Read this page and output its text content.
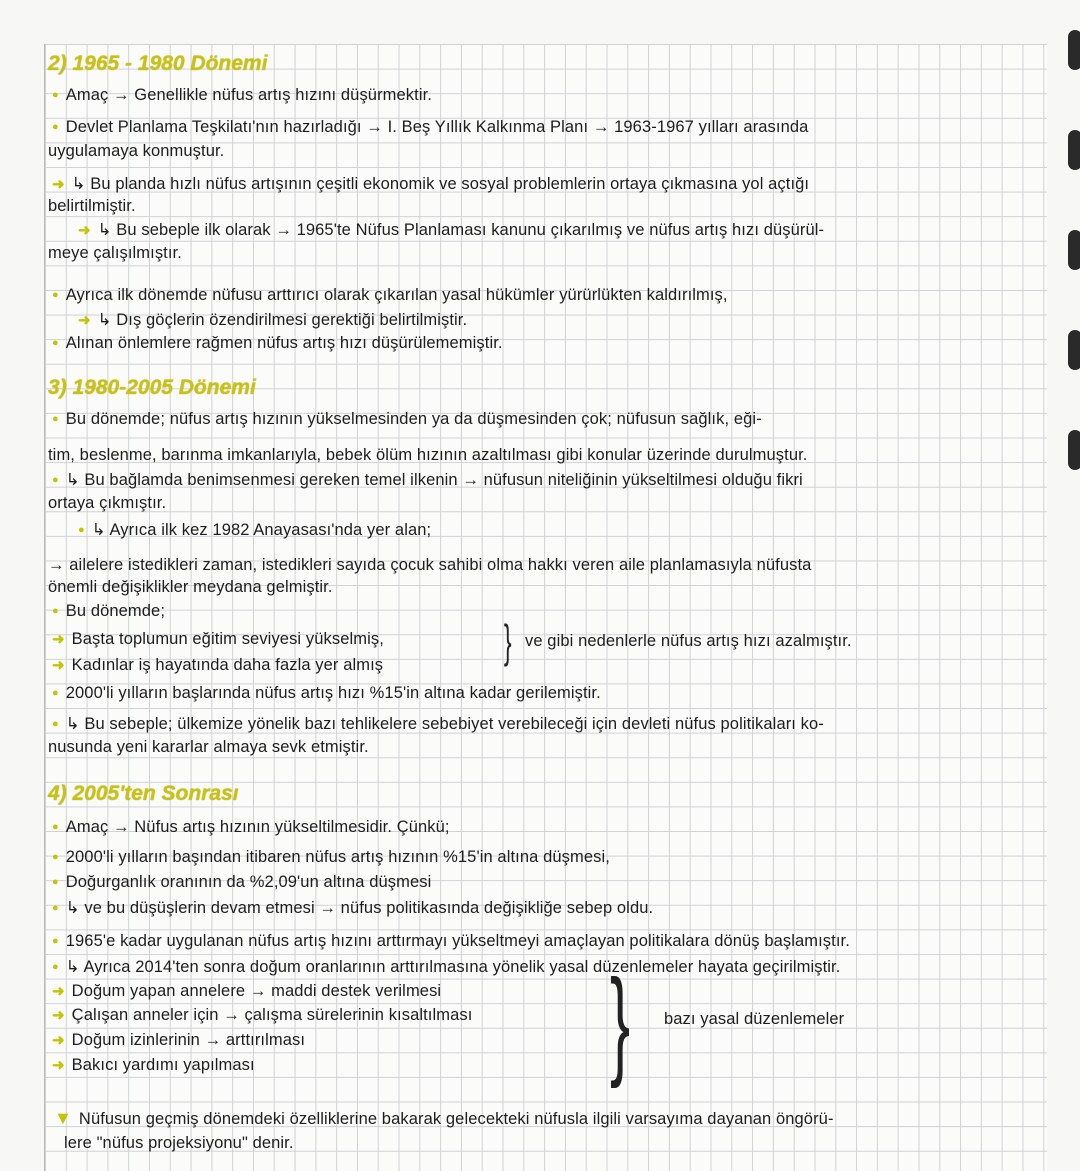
2) 1965 - 1980 Dönemi
3) 1980-2005 Dönemi
4) 2005'ten Sonrası
} ve gibi nedenlerle nüfus artış hızı azalmıştır.
} bazı yasal düzenlemeler
●Amaç → Genellikle nüfus artış hızını düşürmektir.
●Devlet Planlama Teşkilatı'nın hazırladığı → I. Beş Yıllık Kalkınma Planı → 1963-1967 yılları arasında
uygulamaya konmuştur.
➜↳ Bu planda hızlı nüfus artışının çeşitli ekonomik ve sosyal problemlerin ortaya çıkmasına yol açtığı
belirtilmiştir.
➜↳ Bu sebeple ilk olarak → 1965'te Nüfus Planlaması kanunu çıkarılmış ve nüfus artış hızı düşürül-
meye çalışılmıştır.
●Ayrıca ilk dönemde nüfusu arttırıcı olarak çıkarılan yasal hükümler yürürlükten kaldırılmış,
➜↳ Dış göçlerin özendirilmesi gerektiği belirtilmiştir.
●Alınan önlemlere rağmen nüfus artış hızı düşürülememiştir.
●Bu dönemde; nüfus artış hızının yükselmesinden ya da düşmesinden çok; nüfusun sağlık, eği-
tim, beslenme, barınma imkanlarıyla, bebek ölüm hızının azaltılması gibi konular üzerinde durulmuştur.
●↳ Bu bağlamda benimsenmesi gereken temel ilkenin → nüfusun niteliğinin yükseltilmesi olduğu fikri
ortaya çıkmıştır.
●↳ Ayrıca ilk kez 1982 Anayasası'nda yer alan;
→ ailelere istedikleri zaman, istedikleri sayıda çocuk sahibi olma hakkı veren aile planlamasıyla nüfusta
önemli değişiklikler meydana gelmiştir.
●Bu dönemde;
➜Başta toplumun eğitim seviyesi yükselmiş,
➜Kadınlar iş hayatında daha fazla yer almış
●2000'li yılların başlarında nüfus artış hızı %15'in altına kadar gerilemiştir.
●↳ Bu sebeple; ülkemize yönelik bazı tehlikelere sebebiyet verebileceği için devleti nüfus politikaları ko-
nusunda yeni kararlar almaya sevk etmiştir.
●Amaç → Nüfus artış hızının yükseltilmesidir. Çünkü;
●2000'li yılların başından itibaren nüfus artış hızının %15'in altına düşmesi,
●Doğurganlık oranının da %2,09'un altına düşmesi
●↳ ve bu düşüşlerin devam etmesi → nüfus politikasında değişikliğe sebep oldu.
●1965'e kadar uygulanan nüfus artış hızını arttırmayı yükseltmeyi amaçlayan politikalara dönüş başlamıştır.
●↳ Ayrıca 2014'ten sonra doğum oranlarının arttırılmasına yönelik yasal düzenlemeler hayata geçirilmiştir.
➜Doğum yapan annelere → maddi destek verilmesi
➜Çalışan anneler için → çalışma sürelerinin kısaltılması
➜Doğum izinlerinin → arttırılması
➜Bakıcı yardımı yapılması
▼Nüfusun geçmiş dönemdeki özelliklerine bakarak gelecekteki nüfusla ilgili varsayıma dayanan öngörü-
lere "nüfus projeksiyonu" denir.
